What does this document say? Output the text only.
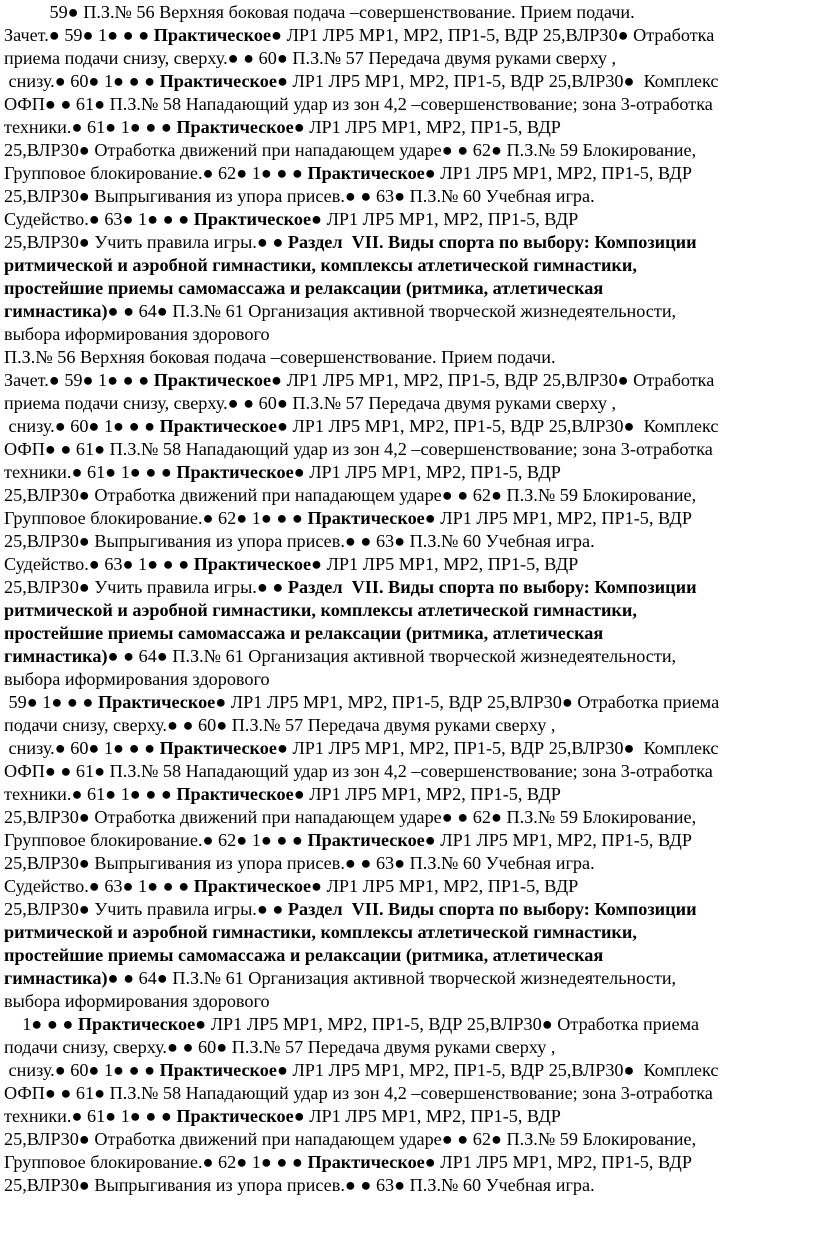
59● П.З.№ 56 Верхняя боковая подача –совершенствование. Прием подачи.
Зачет.● 59● 1● ● ● Практическое● ЛР1 ЛР5 МР1, МР2, ПР1-5, ВДР 25,ВЛР30● Отработка
приема подачи снизу, сверху.● ● 60● П.З.№ 57 Передача двумя руками сверху ,
снизу.● 60● 1● ● ● Практическое● ЛР1 ЛР5 МР1, МР2, ПР1-5, ВДР 25,ВЛР30●  Комплекс
ОФП● ● 61● П.З.№ 58 Нападающий удар из зон 4,2 –совершенствование; зона 3-отработка
техники.● 61● 1● ● ● Практическое● ЛР1 ЛР5 МР1, МР2, ПР1-5, ВДР
25,ВЛР30● Отработка движений при нападающем ударе● ● 62● П.З.№ 59 Блокирование,
Групповое блокирование.● 62● 1● ● ● Практическое● ЛР1 ЛР5 МР1, МР2, ПР1-5, ВДР
25,ВЛР30● Выпрыгивания из упора присев.● ● 63● П.З.№ 60 Учебная игра.
Судейство.● 63● 1● ● ● Практическое● ЛР1 ЛР5 МР1, МР2, ПР1-5, ВДР
25,ВЛР30● Учить правила игры.● ● Раздел  VII. Виды спорта по выбору: Композиции
ритмической и аэробной гимнастики, комплексы атлетической гимнастики,
простейшие приемы самомассажа и релаксации (ритмика, атлетическая
гимнастика)● ● 64● П.З.№ 61 Организация активной творческой жизнедеятельности,
выбора иформирования здорового
П.З.№ 56 Верхняя боковая подача –совершенствование. Прием подачи.
Зачет.● 59● 1● ● ● Практическое● ЛР1 ЛР5 МР1, МР2, ПР1-5, ВДР 25,ВЛР30● Отработка
приема подачи снизу, сверху.● ● 60● П.З.№ 57 Передача двумя руками сверху ,
снизу.● 60● 1● ● ● Практическое● ЛР1 ЛР5 МР1, МР2, ПР1-5, ВДР 25,ВЛР30●  Комплекс
ОФП● ● 61● П.З.№ 58 Нападающий удар из зон 4,2 –совершенствование; зона 3-отработка
техники.● 61● 1● ● ● Практическое● ЛР1 ЛР5 МР1, МР2, ПР1-5, ВДР
25,ВЛР30● Отработка движений при нападающем ударе● ● 62● П.З.№ 59 Блокирование,
Групповое блокирование.● 62● 1● ● ● Практическое● ЛР1 ЛР5 МР1, МР2, ПР1-5, ВДР
25,ВЛР30● Выпрыгивания из упора присев.● ● 63● П.З.№ 60 Учебная игра.
Судейство.● 63● 1● ● ● Практическое● ЛР1 ЛР5 МР1, МР2, ПР1-5, ВДР
25,ВЛР30● Учить правила игры.● ● Раздел  VII. Виды спорта по выбору: Композиции
ритмической и аэробной гимнастики, комплексы атлетической гимнастики,
простейшие приемы самомассажа и релаксации (ритмика, атлетическая
гимнастика)● ● 64● П.З.№ 61 Организация активной творческой жизнедеятельности,
выбора иформирования здорового
59● 1● ● ● Практическое● ЛР1 ЛР5 МР1, МР2, ПР1-5, ВДР 25,ВЛР30● Отработка приема
подачи снизу, сверху.● ● 60● П.З.№ 57 Передача двумя руками сверху ,
снизу.● 60● 1● ● ● Практическое● ЛР1 ЛР5 МР1, МР2, ПР1-5, ВДР 25,ВЛР30●  Комплекс
ОФП● ● 61● П.З.№ 58 Нападающий удар из зон 4,2 –совершенствование; зона 3-отработка
техники.● 61● 1● ● ● Практическое● ЛР1 ЛР5 МР1, МР2, ПР1-5, ВДР
25,ВЛР30● Отработка движений при нападающем ударе● ● 62● П.З.№ 59 Блокирование,
Групповое блокирование.● 62● 1● ● ● Практическое● ЛР1 ЛР5 МР1, МР2, ПР1-5, ВДР
25,ВЛР30● Выпрыгивания из упора присев.● ● 63● П.З.№ 60 Учебная игра.
Судейство.● 63● 1● ● ● Практическое● ЛР1 ЛР5 МР1, МР2, ПР1-5, ВДР
25,ВЛР30● Учить правила игры.● ● Раздел  VII. Виды спорта по выбору: Композиции
ритмической и аэробной гимнастики, комплексы атлетической гимнастики,
простейшие приемы самомассажа и релаксации (ритмика, атлетическая
гимнастика)● ● 64● П.З.№ 61 Организация активной творческой жизнедеятельности,
выбора иформирования здорового
1● ● ● Практическое● ЛР1 ЛР5 МР1, МР2, ПР1-5, ВДР 25,ВЛР30● Отработка приема
подачи снизу, сверху.● ● 60● П.З.№ 57 Передача двумя руками сверху ,
снизу.● 60● 1● ● ● Практическое● ЛР1 ЛР5 МР1, МР2, ПР1-5, ВДР 25,ВЛР30●  Комплекс
ОФП● ● 61● П.З.№ 58 Нападающий удар из зон 4,2 –совершенствование; зона 3-отработка
техники.● 61● 1● ● ● Практическое● ЛР1 ЛР5 МР1, МР2, ПР1-5, ВДР
25,ВЛР30● Отработка движений при нападающем ударе● ● 62● П.З.№ 59 Блокирование,
Групповое блокирование.● 62● 1● ● ● Практическое● ЛР1 ЛР5 МР1, МР2, ПР1-5, ВДР
25,ВЛР30● Выпрыгивания из упора присев.● ● 63● П.З.№ 60 Учебная игра.
